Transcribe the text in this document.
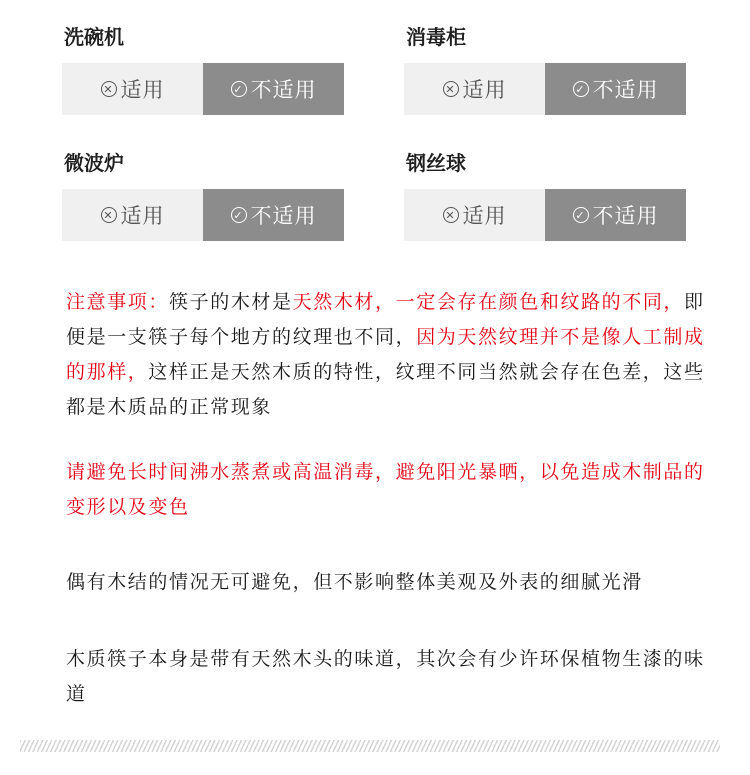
洗碗机
✕ 适用	✓ 不适用
消毒柜
✕ 适用	✓ 不适用
微波炉
✕ 适用	✓ 不适用
钢丝球
✕ 适用	✓ 不适用

注意事项：筷子的木材是天然木材，一定会存在颜色和纹路的不同，即便是一支筷子每个地方的纹理也不同，因为天然纹理并不是像人工制成的那样，这样正是天然木质的特性，纹理不同当然就会存在色差，这些都是木质品的正常现象

请避免长时间沸水蒸煮或高温消毒，避免阳光暴晒，以免造成木制品的变形以及变色

偶有木结的情况无可避免，但不影响整体美观及外表的细腻光滑

木质筷子本身是带有天然木头的味道，其次会有少许环保植物生漆的味道
